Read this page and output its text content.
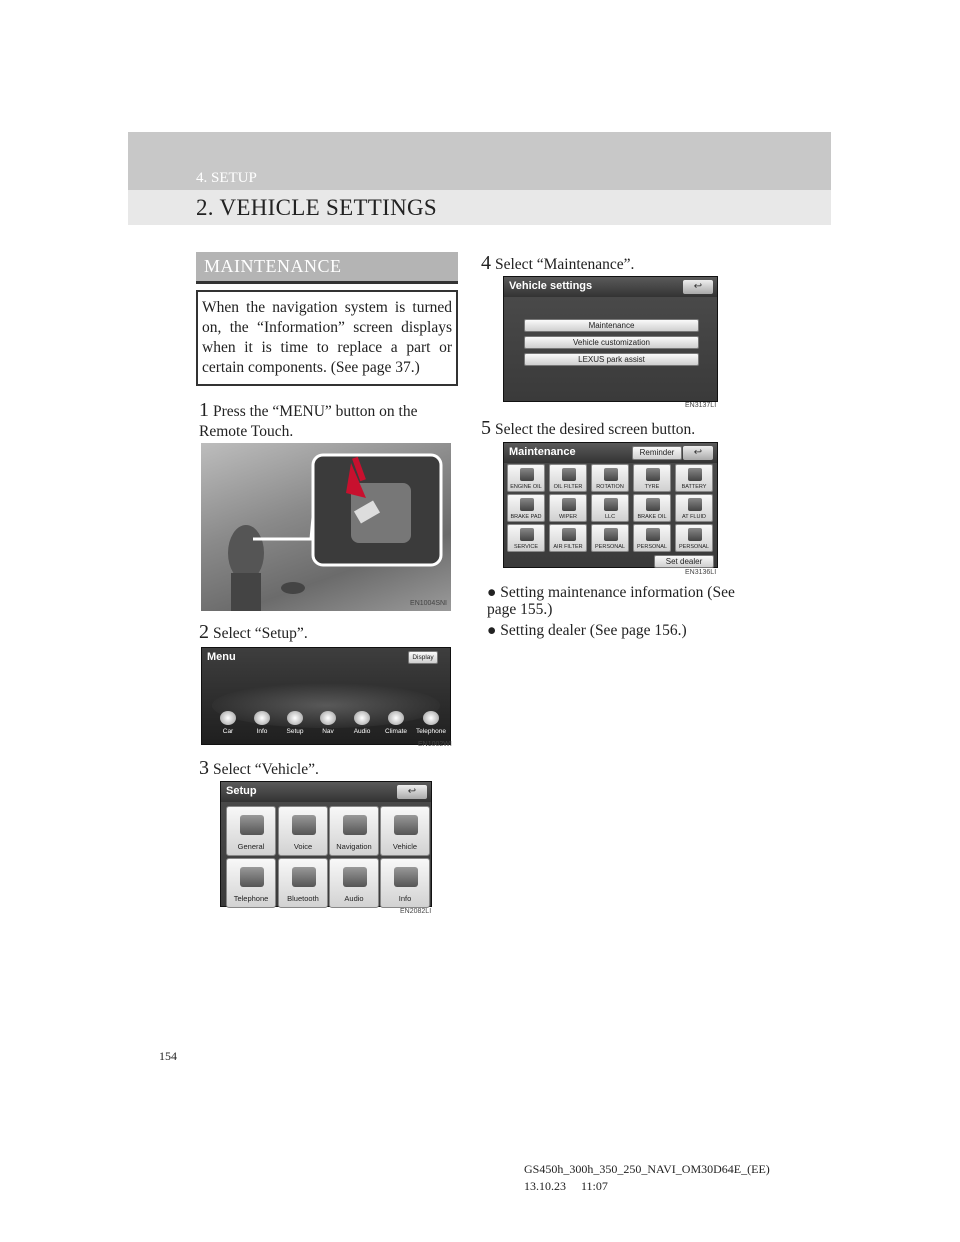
4. SETUP
2. VEHICLE SETTINGS
MAINTENANCE
When the navigation system is turned on, the “Information” screen displays when it is time to replace a part or certain components. (See page 37.)
1 Press the “MENU” button on the Remote Touch.
EN1004SNI
2 Select “Setup”.
Menu	Display
Car	Info	Setup	Nav	Audio	Climate	Telephone
EN1002WI
3 Select “Vehicle”.
Setup	↩
General	Voice	Navigation	Vehicle
Telephone	Bluetooth	Audio	Info
EN2082LI
4 Select “Maintenance”.
Vehicle settings	↩
Maintenance
Vehicle customization
LEXUS park assist
EN3137LI
5 Select the desired screen button.
Maintenance	Reminder	↩
ENGINE OIL	OIL FILTER	ROTATION	TYRE	BATTERY
BRAKE PAD	WIPER	LLC	BRAKE OIL	AT FLUID
SERVICE	AIR FILTER	PERSONAL	PERSONAL	PERSONAL
Set dealer
EN3136LI
● Setting maintenance information (See page 155.)
● Setting dealer (See page 156.)
154
GS450h_300h_350_250_NAVI_OM30D64E_(EE)
13.10.23     11:07
